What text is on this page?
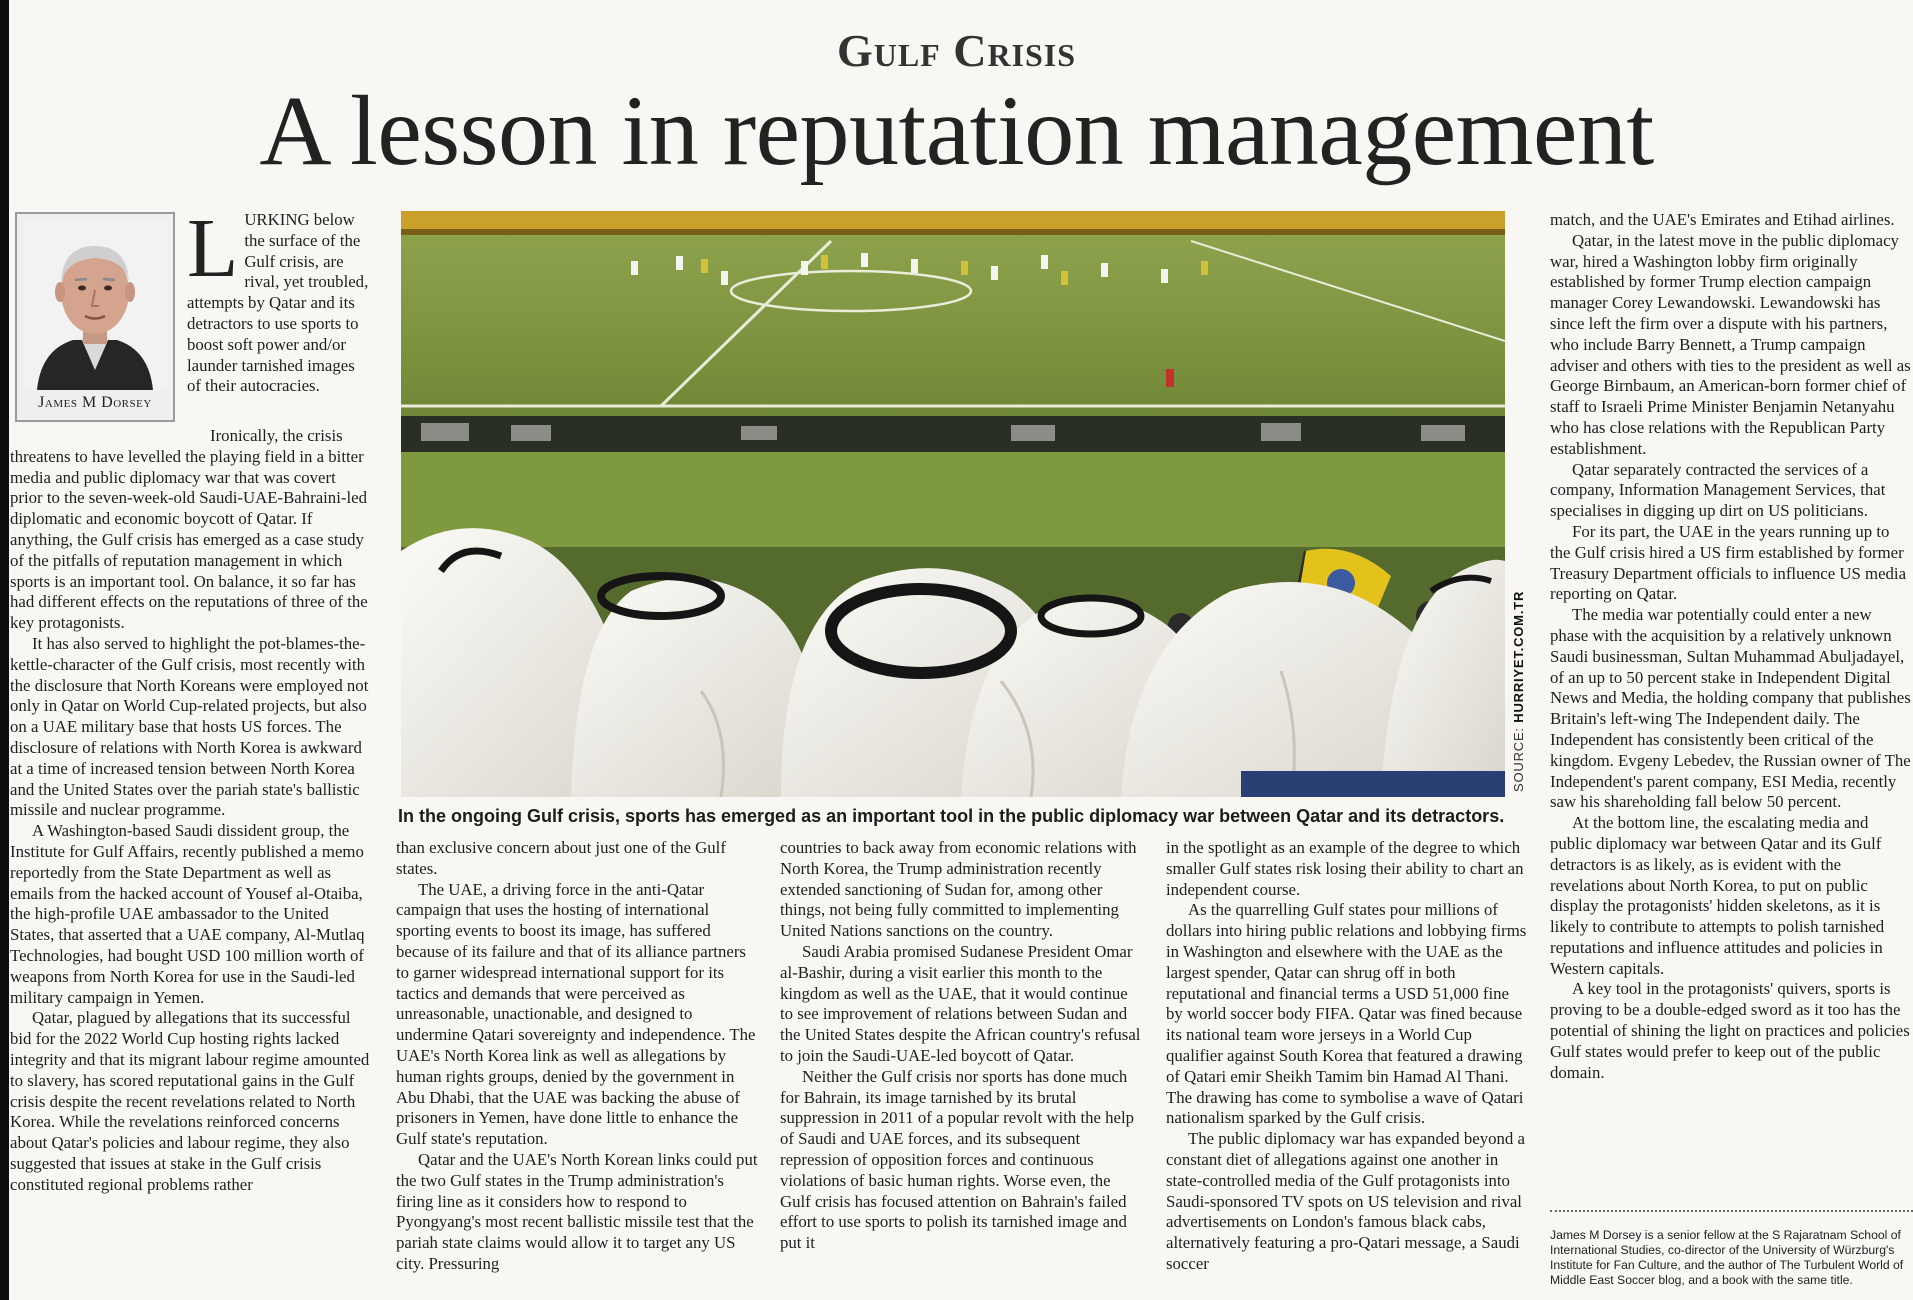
Gulf Crisis
A lesson in reputation management
James M Dorsey
L URKING below the surface of the Gulf crisis, are rival, yet troubled, attempts by Qatar and its detractors to use sports to boost soft power and/or launder tarnished images of their autocracies.

Ironically, the crisis threatens to have levelled the playing field in a bitter media and public diplomacy war that was covert prior to the seven-week-old Saudi-UAE-Bahraini-led diplomatic and economic boycott of Qatar. If anything, the Gulf crisis has emerged as a case study of the pitfalls of reputation management in which sports is an important tool. On balance, it so far has had different effects on the reputations of three of the key protagonists.

It has also served to highlight the pot-blames-the-kettle-character of the Gulf crisis, most recently with the disclosure that North Koreans were employed not only in Qatar on World Cup-related projects, but also on a UAE military base that hosts US forces. The disclosure of relations with North Korea is awkward at a time of increased tension between North Korea and the United States over the pariah state's ballistic missile and nuclear programme.

A Washington-based Saudi dissident group, the Institute for Gulf Affairs, recently published a memo reportedly from the State Department as well as emails from the hacked account of Yousef al-Otaiba, the high-profile UAE ambassador to the United States, that asserted that a UAE company, Al-Mutlaq Technologies, had bought USD 100 million worth of weapons from North Korea for use in the Saudi-led military campaign in Yemen.

Qatar, plagued by allegations that its successful bid for the 2022 World Cup hosting rights lacked integrity and that its migrant labour regime amounted to slavery, has scored reputational gains in the Gulf crisis despite the recent revelations related to North Korea. While the revelations reinforced concerns about Qatar's policies and labour regime, they also suggested that issues at stake in the Gulf crisis constituted regional problems rather

SOURCE: HURRIYET.COM.TR
In the ongoing Gulf crisis, sports has emerged as an important tool in the public diplomacy war between Qatar and its detractors.

than exclusive concern about just one of the Gulf states.

The UAE, a driving force in the anti-Qatar campaign that uses the hosting of international sporting events to boost its image, has suffered because of its failure and that of its alliance partners to garner widespread international support for its tactics and demands that were perceived as unreasonable, unactionable, and designed to undermine Qatari sovereignty and independence. The UAE's North Korea link as well as allegations by human rights groups, denied by the government in Abu Dhabi, that the UAE was backing the abuse of prisoners in Yemen, have done little to enhance the Gulf state's reputation.

Qatar and the UAE's North Korean links could put the two Gulf states in the Trump administration's firing line as it considers how to respond to Pyongyang's most recent ballistic missile test that the pariah state claims would allow it to target any US city. Pressuring

countries to back away from economic relations with North Korea, the Trump administration recently extended sanctioning of Sudan for, among other things, not being fully committed to implementing United Nations sanctions on the country.

Saudi Arabia promised Sudanese President Omar al-Bashir, during a visit earlier this month to the kingdom as well as the UAE, that it would continue to see improvement of relations between Sudan and the United States despite the African country's refusal to join the Saudi-UAE-led boycott of Qatar.

Neither the Gulf crisis nor sports has done much for Bahrain, its image tarnished by its brutal suppression in 2011 of a popular revolt with the help of Saudi and UAE forces, and its subsequent repression of opposition forces and continuous violations of basic human rights. Worse even, the Gulf crisis has focused attention on Bahrain's failed effort to use sports to polish its tarnished image and put it

in the spotlight as an example of the degree to which smaller Gulf states risk losing their ability to chart an independent course.

As the quarrelling Gulf states pour millions of dollars into hiring public relations and lobbying firms in Washington and elsewhere with the UAE as the largest spender, Qatar can shrug off in both reputational and financial terms a USD 51,000 fine by world soccer body FIFA. Qatar was fined because its national team wore jerseys in a World Cup qualifier against South Korea that featured a drawing of Qatari emir Sheikh Tamim bin Hamad Al Thani. The drawing has come to symbolise a wave of Qatari nationalism sparked by the Gulf crisis.

The public diplomacy war has expanded beyond a constant diet of allegations against one another in state-controlled media of the Gulf protagonists into Saudi-sponsored TV spots on US television and rival advertisements on London's famous black cabs, alternatively featuring a pro-Qatari message, a Saudi soccer

match, and the UAE's Emirates and Etihad airlines.

Qatar, in the latest move in the public diplomacy war, hired a Washington lobby firm originally established by former Trump election campaign manager Corey Lewandowski. Lewandowski has since left the firm over a dispute with his partners, who include Barry Bennett, a Trump campaign adviser and others with ties to the president as well as George Birnbaum, an American-born former chief of staff to Israeli Prime Minister Benjamin Netanyahu who has close relations with the Republican Party establishment.

Qatar separately contracted the services of a company, Information Management Services, that specialises in digging up dirt on US politicians.

For its part, the UAE in the years running up to the Gulf crisis hired a US firm established by former Treasury Department officials to influence US media reporting on Qatar.

The media war potentially could enter a new phase with the acquisition by a relatively unknown Saudi businessman, Sultan Muhammad Abuljadayel, of an up to 50 percent stake in Independent Digital News and Media, the holding company that publishes Britain's left-wing The Independent daily. The Independent has consistently been critical of the kingdom. Evgeny Lebedev, the Russian owner of The Independent's parent company, ESI Media, recently saw his shareholding fall below 50 percent.

At the bottom line, the escalating media and public diplomacy war between Qatar and its Gulf detractors is as likely, as is evident with the revelations about North Korea, to put on public display the protagonists' hidden skeletons, as it is likely to contribute to attempts to polish tarnished reputations and influence attitudes and policies in Western capitals.

A key tool in the protagonists' quivers, sports is proving to be a double-edged sword as it too has the potential of shining the light on practices and policies Gulf states would prefer to keep out of the public domain.

James M Dorsey is a senior fellow at the S Rajaratnam School of International Studies, co-director of the University of Würzburg's Institute for Fan Culture, and the author of The Turbulent World of Middle East Soccer blog, and a book with the same title.
